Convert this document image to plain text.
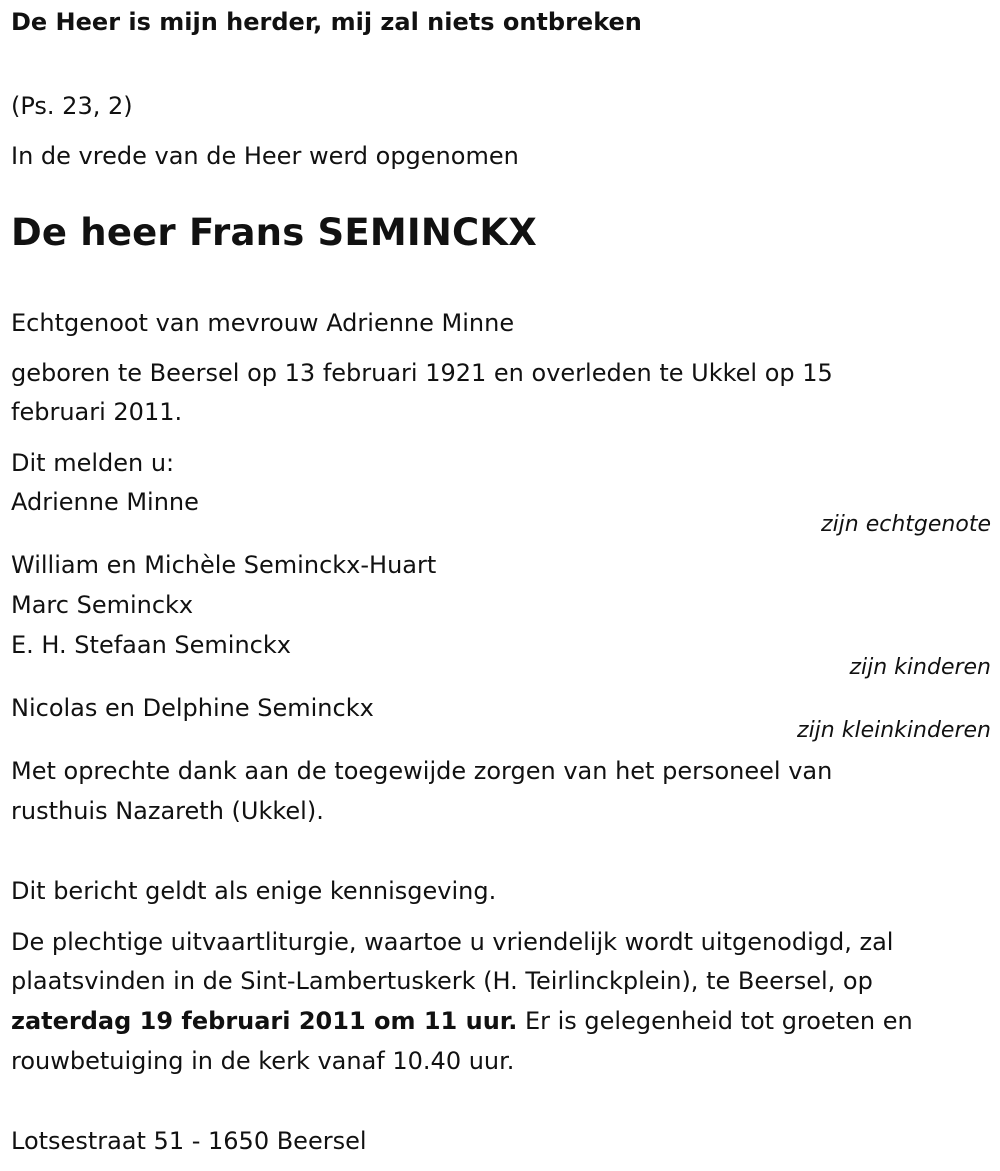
De Heer is mijn herder, mij zal niets ontbreken
(Ps. 23, 2)
In de vrede van de Heer werd opgenomen
De heer Frans SEMINCKX
Echtgenoot van mevrouw Adrienne Minne
geboren te Beersel op 13 februari 1921 en overleden te Ukkel op 15
februari 2011.
Dit melden u:
Adrienne Minne
zijn echtgenote
William en Michèle Seminckx-Huart
Marc Seminckx
E. H. Stefaan Seminckx
zijn kinderen
Nicolas en Delphine Seminckx
zijn kleinkinderen
Met oprechte dank aan de toegewijde zorgen van het personeel van
rusthuis Nazareth (Ukkel).
Dit bericht geldt als enige kennisgeving.
De plechtige uitvaartliturgie, waartoe u vriendelijk wordt uitgenodigd, zal
plaatsvinden in de Sint-Lambertuskerk (H. Teirlinckplein), te Beersel, op
zaterdag 19 februari 2011 om 11 uur. Er is gelegenheid tot groeten en
rouwbetuiging in de kerk vanaf 10.40 uur.
Lotsestraat 51 - 1650 Beersel
